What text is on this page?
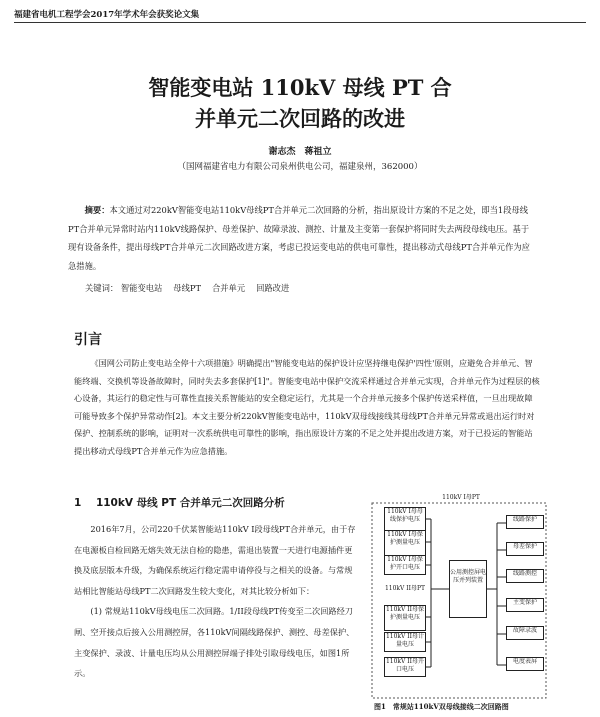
福建省电机工程学会2017年学术年会获奖论文集
智能变电站 110kV 母线 PT 合
并单元二次回路的改进
谢志杰　蒋祖立
（国网福建省电力有限公司泉州供电公司，福建泉州，362000）
摘要：本文通过对220kV智能变电站110kV母线PT合并单元二次回路的分析，指出原设计方案的不足之处，即当1段母线PT合并单元异常时站内110kV线路保护、母差保护、故障录波、测控、计量及主变第一套保护将同时失去两段母线电压。基于现有设备条件，提出母线PT合并单元二次回路改进方案，考虑已投运变电站的供电可靠性，提出移动式母线PT合并单元作为应急措施。
关键词： 智能变电站　 母线PT　 合并单元　 回路改进
引言
《国网公司防止变电站全停十六项措施》明确提出"智能变电站的保护设计应坚持继电保护'四性'原则，应避免合并单元、智能终端、交换机等设备故障时，同时失去多套保护[1]"。智能变电站中保护交流采样通过合并单元实现，合并单元作为过程层的核心设备，其运行的稳定性与可靠性直接关系智能站的安全稳定运行，尤其是一个合并单元接多个保护传送采样值，一旦出现故障可能导致多个保护异常动作[2]。本文主要分析220kV智能变电站中，110kV双母线接线其母线PT合并单元异常或退出运行时对保护、控制系统的影响，证明对一次系统供电可靠性的影响，指出原设计方案的不足之处并提出改进方案，对于已投运的智能站提出移动式母线PT合并单元作为应急措施。
1 110kV 母线 PT 合并单元二次回路分析

2016年7月，公司220千伏某智能站110kV I段母线PT合并单元，由于存在电源板自检回路无熔失效无法自检的隐患，需退出装置一天进行电源插件更换及底层版本升级，为确保系统运行稳定需申请停役与之相关的设备。与常规站相比智能站母线PT二次回路发生较大变化，对其比较分析如下：

(1) 常规站110kV母线电压二次回路。1/II段母线PT传变至二次回路经刀闸、空开接点后接入公用测控屏，各110kV间隔线路保护、测控、母差保护、主变保护、录波、计量电压均从公用测控屏端子排处引取母线电压，如图1所示。

110kV I母PT
110kV I母母线保护电压
110kV I母保护测量电压
110kV I母保护开口电压
110kV II母PT
110kV II母保护测量电压
110kV II母计量电压
110kV II母开口电压
公用测控屏电压并列装置
线路保护
母差保护
线路测控
主变保护
故障录波
电度表屏
图1　常规站110kV双母线接线二次回路图
